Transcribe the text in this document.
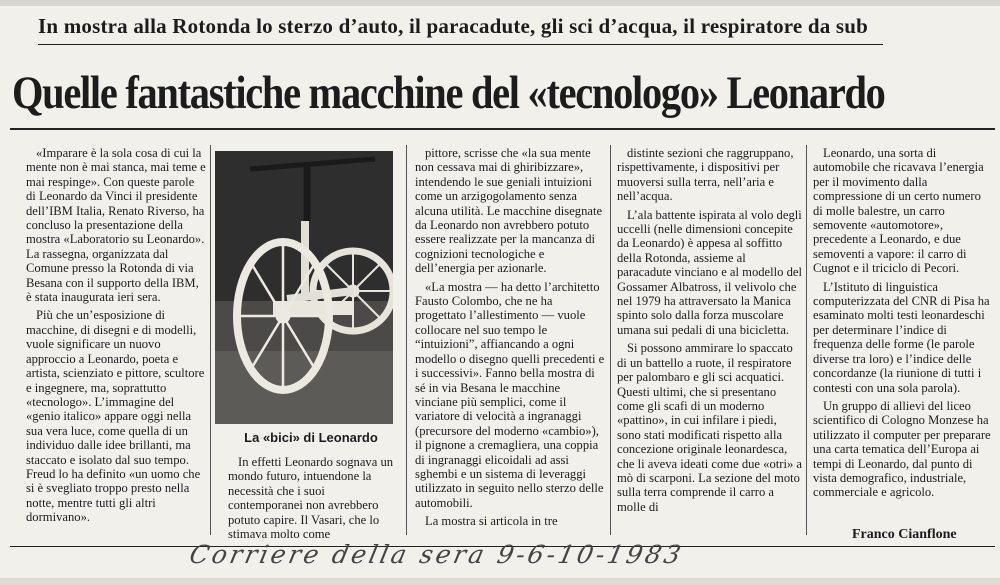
In mostra alla Rotonda lo sterzo d’auto, il paracadute, gli sci d’acqua, il respiratore da sub
Quelle fantastiche macchine del «tecnologo» Leonardo

«Imparare è la sola cosa di cui la mente non è mai stanca, mai teme e mai respinge». Con queste parole di Leonardo da Vinci il presidente dell’IBM Italia, Renato Riverso, ha concluso la presentazione della mostra «Laboratorio su Leonardo». La rassegna, organizzata dal Comune presso la Rotonda di via Besana con il supporto della IBM, è stata inaugurata ieri sera.

Più che un’esposizione di macchine, di disegni e di modelli, vuole significare un nuovo approccio a Leonardo, poeta e artista, scienziato e pittore, scultore e ingegnere, ma, soprattutto «tecnologo». L’immagine del «genio italico» appare oggi nella sua vera luce, come quella di un individuo dalle idee brillanti, ma staccato e isolato dal suo tempo. Freud lo ha definito «un uomo che si è svegliato troppo presto nella notte, mentre tutti gli altri dormivano».

La «bici» di Leonardo

In effetti Leonardo sognava un mondo futuro, intuendone la necessità che i suoi contemporanei non avrebbero potuto capire. Il Vasari, che lo stimava molto come

pittore, scrisse che «la sua mente non cessava mai di ghiribizzare», intendendo le sue geniali intuizioni come un arzigogolamento senza alcuna utilità. Le macchine disegnate da Leonardo non avrebbero potuto essere realizzate per la mancanza di cognizioni tecnologiche e dell’energia per azionarle.

«La mostra — ha detto l’architetto Fausto Colombo, che ne ha progettato l’allestimento — vuole collocare nel suo tempo le “intuizioni”, affiancando a ogni modello o disegno quelli precedenti e i successivi». Fanno bella mostra di sé in via Besana le macchine vinciane più semplici, come il variatore di velocità a ingranaggi (precursore del moderno «cambio»), il pignone a cremagliera, una coppia di ingranaggi elicoidali ad assi sghembi e un sistema di leveraggi utilizzato in seguito nello sterzo delle automobili.

La mostra si articola in tre

distinte sezioni che raggruppano, rispettivamente, i dispositivi per muoversi sulla terra, nell’aria e nell’acqua.

L’ala battente ispirata al volo degli uccelli (nelle dimensioni concepite da Leonardo) è appesa al soffitto della Rotonda, assieme al paracadute vinciano e al modello del Gossamer Albatross, il velivolo che nel 1979 ha attraversato la Manica spinto solo dalla forza muscolare umana sui pedali di una bicicletta.

Si possono ammirare lo spaccato di un battello a ruote, il respiratore per palombaro e gli sci acquatici. Questi ultimi, che si presentano come gli scafi di un moderno «pattino», in cui infilare i piedi, sono stati modificati rispetto alla concezione originale leonardesca, che li aveva ideati come due «otri» a mò di scarponi. La sezione del moto sulla terra comprende il carro a molle di

Leonardo, una sorta di automobile che ricavava l’energia per il movimento dalla compressione di un certo numero di molle balestre, un carro semovente «automotore», precedente a Leonardo, e due semoventi a vapore: il carro di Cugnot e il triciclo di Pecori.

L’Istituto di linguistica computerizzata del CNR di Pisa ha esaminato molti testi leonardeschi per determinare l’indice di frequenza delle forme (le parole diverse tra loro) e l’indice delle concordanze (la riunione di tutti i contesti con una sola parola).

Un gruppo di allievi del liceo scientifico di Cologno Monzese ha utilizzato il computer per preparare una carta tematica dell’Europa ai tempi di Leonardo, dal punto di vista demografico, industriale, commerciale e agricolo.

Franco Cianflone
Corriere della sera 9-6-10-1983
